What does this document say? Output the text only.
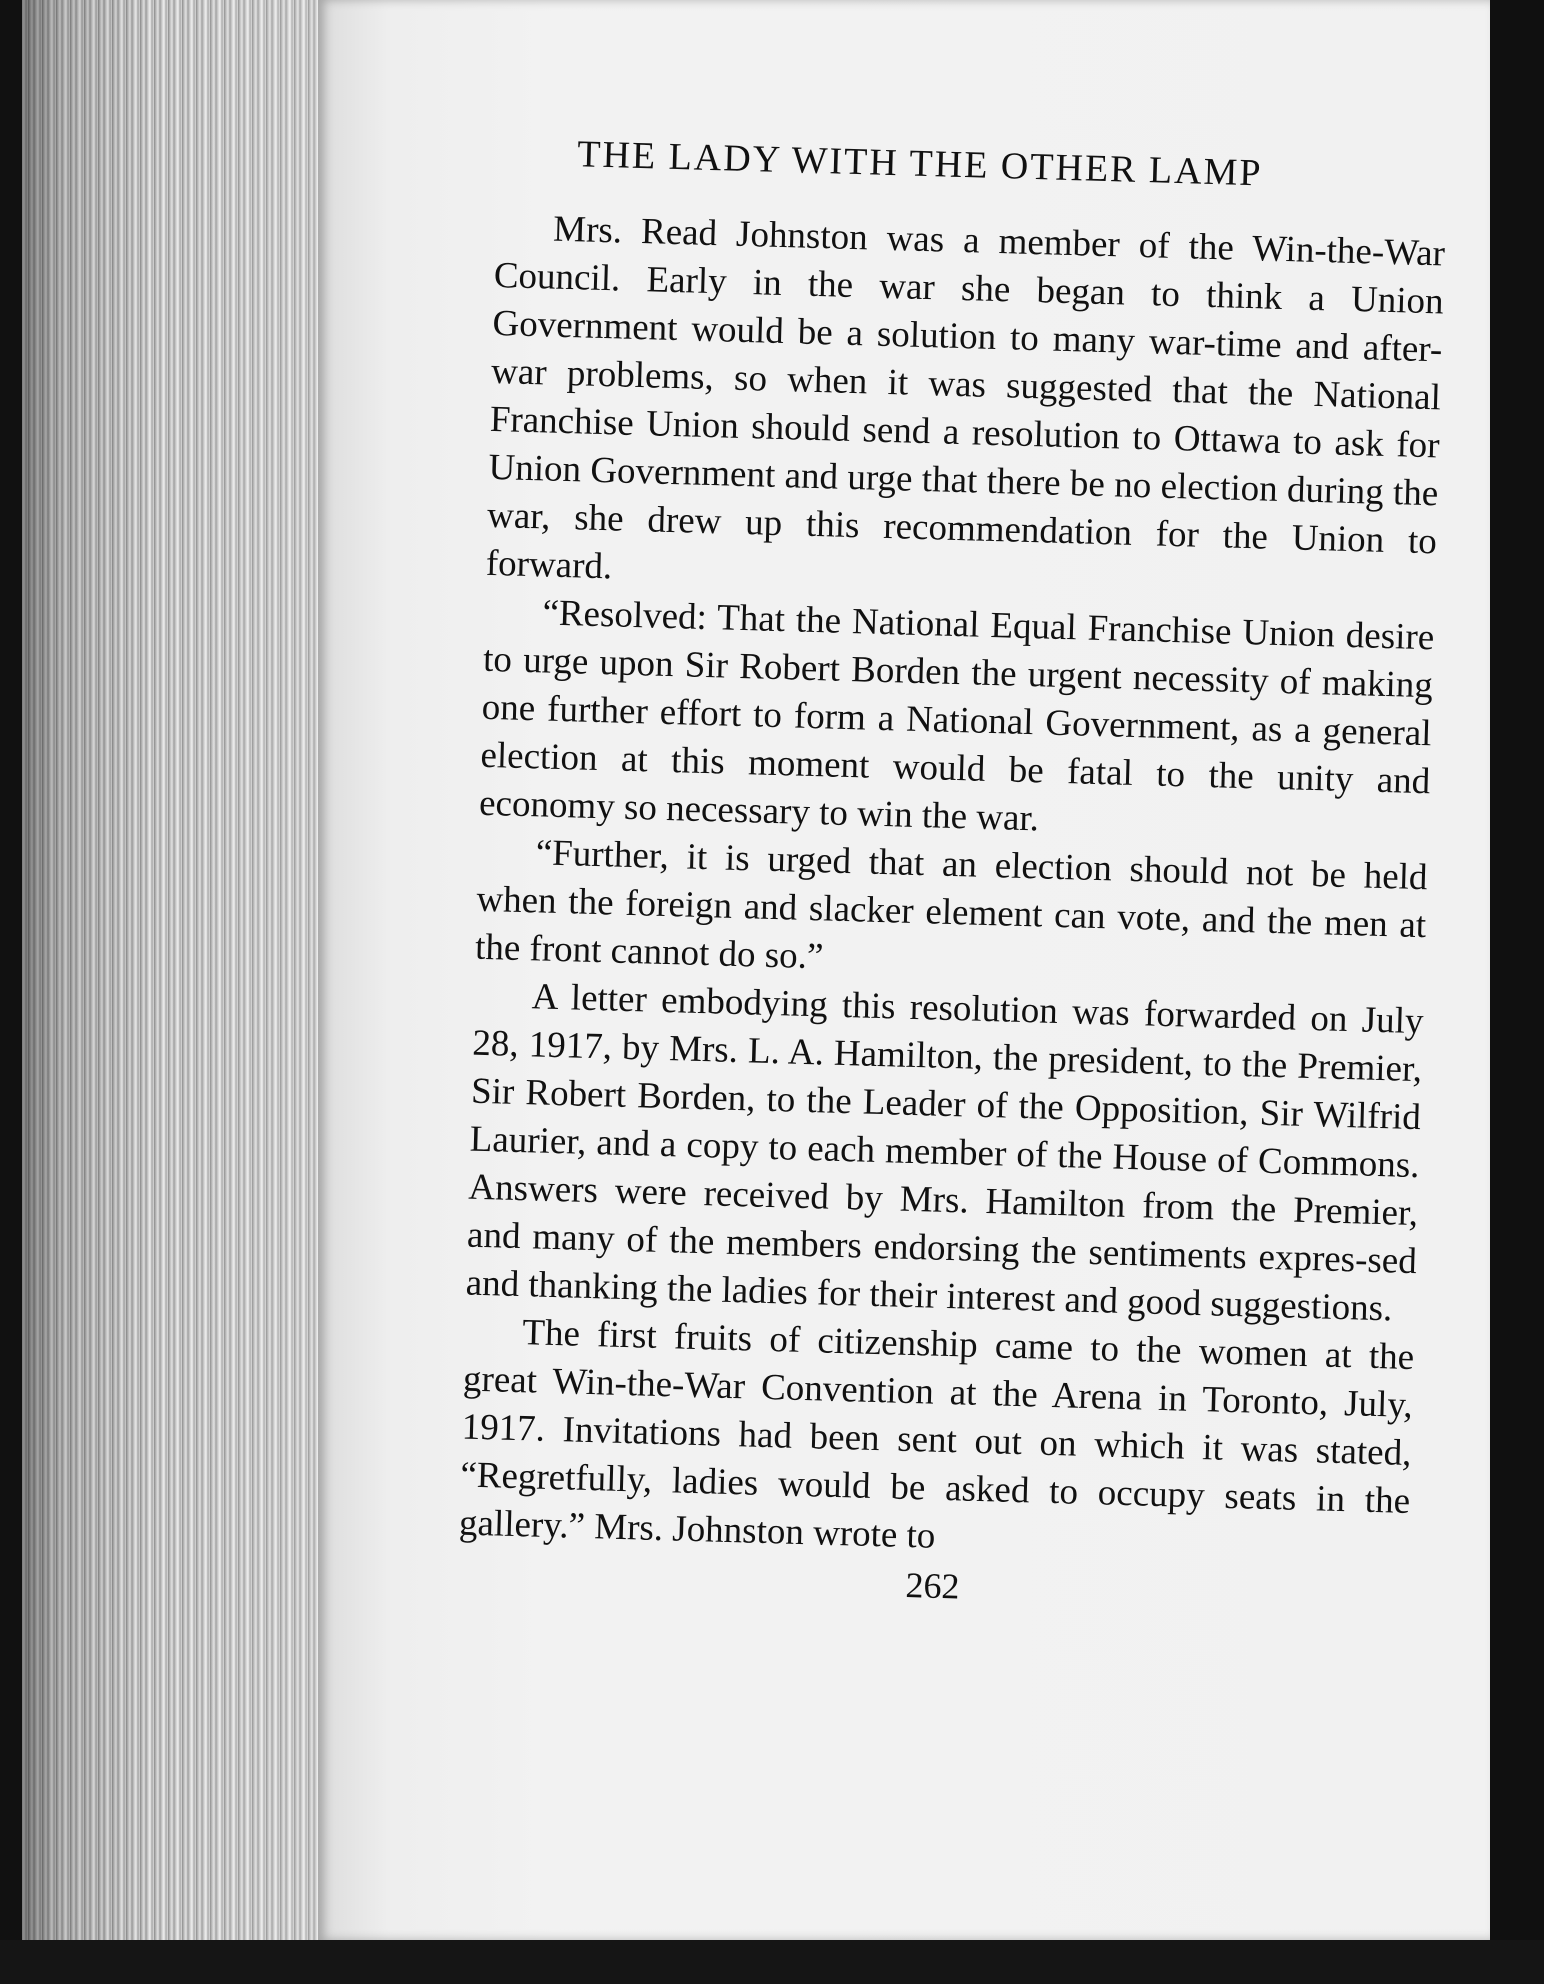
THE LADY WITH THE OTHER LAMP

Mrs. Read Johnston was a member of the Win-the-War Council. Early in the war she began to think a Union Government would be a solution to many war-time and after-war problems, so when it was suggested that the National Franchise Union should send a resolution to Ottawa to ask for Union Government and urge that there be no election during the war, she drew up this recommendation for the Union to forward.

“Resolved: That the National Equal Franchise Union desire to urge upon Sir Robert Borden the urgent necessity of making one further effort to form a National Government, as a general election at this moment would be fatal to the unity and economy so necessary to win the war.

“Further, it is urged that an election should not be held when the foreign and slacker element can vote, and the men at the front cannot do so.”

A letter embodying this resolution was forwarded on July 28, 1917, by Mrs. L. A. Hamilton, the president, to the Premier, Sir Robert Borden, to the Leader of the Opposition, Sir Wilfrid Laurier, and a copy to each member of the House of Commons. Answers were received by Mrs. Hamilton from the Premier, and many of the members endorsing the sentiments expres-sed and thanking the ladies for their interest and good suggestions.

The first fruits of citizenship came to the women at the great Win-the-War Convention at the Arena in Toronto, July, 1917. Invitations had been sent out on which it was stated, “Regretfully, ladies would be asked to occupy seats in the gallery.” Mrs. Johnston wrote to

262
